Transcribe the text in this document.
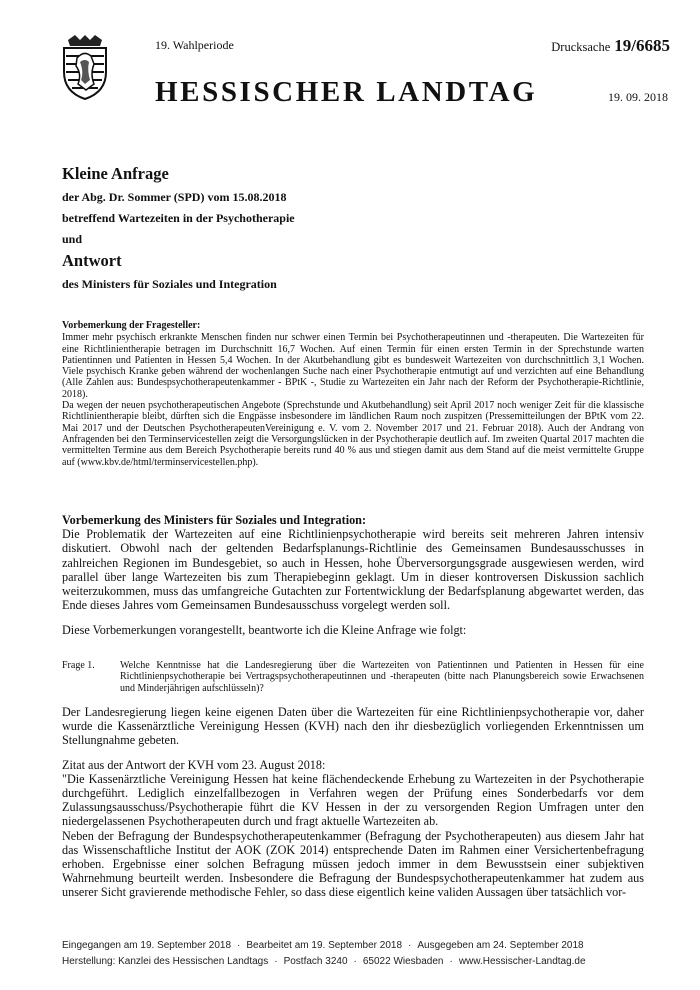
19. Wahlperiode	Drucksache 19/6685
HESSISCHER LANDTAG	19. 09. 2018
Kleine Anfrage
der Abg. Dr. Sommer (SPD) vom 15.08.2018
betreffend Wartezeiten in der Psychotherapie
und
Antwort
des Ministers für Soziales und Integration

Vorbemerkung der Fragesteller:

Immer mehr psychisch erkrankte Menschen finden nur schwer einen Termin bei Psychotherapeutinnen und -therapeuten. Die Wartezeiten für eine Richtlinientherapie betragen im Durchschnitt 16,7 Wochen. Auf einen Termin für einen ersten Termin in der Sprechstunde warten Patientinnen und Patienten in Hessen 5,4 Wochen. In der Akutbehandlung gibt es bundesweit Wartezeiten von durchschnittlich 3,1 Wochen. Viele psychisch Kranke geben während der wochenlangen Suche nach einer Psychotherapie entmutigt auf und verzichten auf eine Behandlung (Alle Zahlen aus: Bundespsychotherapeutenkammer - BPtK -, Studie zu Wartezeiten ein Jahr nach der Reform der Psychotherapie-Richtlinie, 2018).

Da wegen der neuen psychotherapeutischen Angebote (Sprechstunde und Akutbehandlung) seit April 2017 noch weniger Zeit für die klassische Richtlinientherapie bleibt, dürften sich die Engpässe insbesondere im ländlichen Raum noch zuspitzen (Pressemitteilungen der BPtK vom 22. Mai 2017 und der Deutschen PsychotherapeutenVereinigung e. V. vom 2. November 2017 und 21. Februar 2018). Auch der Andrang von Anfragenden bei den Terminservicestellen zeigt die Versorgungslücken in der Psychotherapie deutlich auf. Im zweiten Quartal 2017 machten die vermittelten Termine aus dem Bereich Psychotherapie bereits rund 40 % aus und stiegen damit aus dem Stand auf die meist vermittelte Gruppe auf (www.kbv.de/html/terminservicestellen.php).

Vorbemerkung des Ministers für Soziales und Integration:

Die Problematik der Wartezeiten auf eine Richtlinienpsychotherapie wird bereits seit mehreren Jahren intensiv diskutiert. Obwohl nach der geltenden Bedarfsplanungs-Richtlinie des Gemeinsamen Bundesausschusses in zahlreichen Regionen im Bundesgebiet, so auch in Hessen, hohe Überversorgungsgrade ausgewiesen werden, wird parallel über lange Wartezeiten bis zum Therapiebeginn geklagt. Um in dieser kontroversen Diskussion sachlich weiterzukommen, muss das umfangreiche Gutachten zur Fortentwicklung der Bedarfsplanung abgewartet werden, das Ende dieses Jahres vom Gemeinsamen Bundesausschuss vorgelegt werden soll.

Diese Vorbemerkungen vorangestellt, beantworte ich die Kleine Anfrage wie folgt:

Frage 1.	Welche Kenntnisse hat die Landesregierung über die Wartezeiten von Patientinnen und Patienten in Hessen für eine Richtlinienpsychotherapie bei Vertragspsychotherapeutinnen und -therapeuten (bitte nach Planungsbereich sowie Erwachsenen und Minderjährigen aufschlüsseln)?

Der Landesregierung liegen keine eigenen Daten über die Wartezeiten für eine Richtlinienpsychotherapie vor, daher wurde die Kassenärztliche Vereinigung Hessen (KVH) nach den ihr diesbezüglich vorliegenden Erkenntnissen um Stellungnahme gebeten.

Zitat aus der Antwort der KVH vom 23. August 2018:

"Die Kassenärztliche Vereinigung Hessen hat keine flächendeckende Erhebung zu Wartezeiten in der Psychotherapie durchgeführt. Lediglich einzelfallbezogen in Verfahren wegen der Prüfung eines Sonderbedarfs vor dem Zulassungsausschuss/Psychotherapie führt die KV Hessen in der zu versorgenden Region Umfragen unter den niedergelassenen Psychotherapeuten durch und fragt aktuelle Wartezeiten ab.

Neben der Befragung der Bundespsychotherapeutenkammer (Befragung der Psychotherapeuten) aus diesem Jahr hat das Wissenschaftliche Institut der AOK (ZOK 2014) entsprechende Daten im Rahmen einer Versichertenbefragung erhoben. Ergebnisse einer solchen Befragung müssen jedoch immer in dem Bewusstsein einer subjektiven Wahrnehmung beurteilt werden. Insbesondere die Befragung der Bundespsychotherapeutenkammer hat zudem aus unserer Sicht gravierende methodische Fehler, so dass diese eigentlich keine validen Aussagen über tatsächlich vor-

Eingegangen am 19. September 2018 · Bearbeitet am 19. September 2018 · Ausgegeben am 24. September 2018
Herstellung: Kanzlei des Hessischen Landtags · Postfach 3240 · 65022 Wiesbaden · www.Hessischer-Landtag.de
